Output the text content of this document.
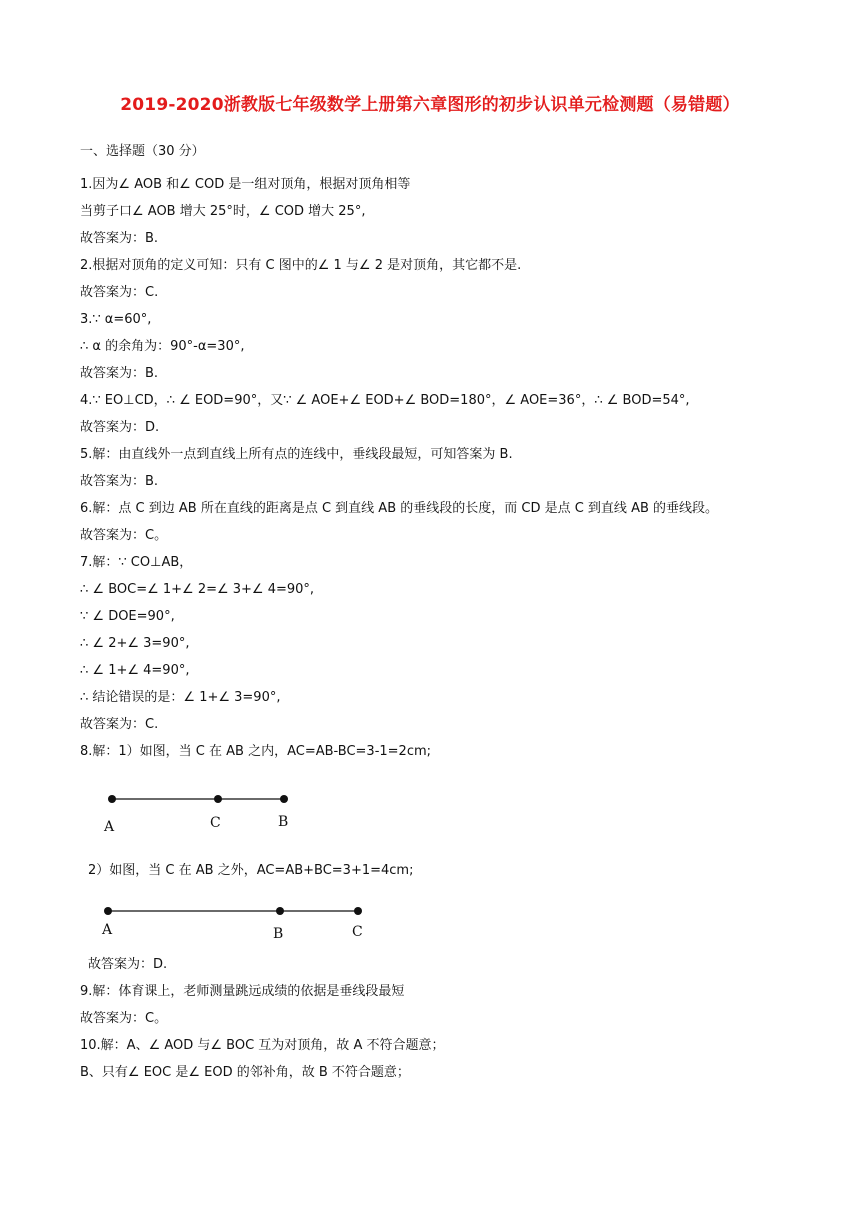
2019-2020浙教版七年级数学上册第六章图形的初步认识单元检测题（易错题）
一、选择题（30 分）
1.因为∠ AOB 和∠ COD 是一组对顶角，根据对顶角相等
当剪子口∠ AOB 增大 25°时，∠ COD 增大 25°,
故答案为：B.
2.根据对顶角的定义可知：只有 C 图中的∠ 1 与∠ 2 是对顶角，其它都不是.
故答案为：C.
3.∵ α=60°,
∴ α 的余角为：90°-α=30°,
故答案为：B.
4.∵ EO⊥CD，∴ ∠ EOD=90°，又∵ ∠ AOE+∠ EOD+∠ BOD=180°，∠ AOE=36°，∴ ∠ BOD=54°,
故答案为：D.
5.解：由直线外一点到直线上所有点的连线中，垂线段最短，可知答案为 B.
故答案为：B.
6.解：点 C 到边 AB 所在直线的距离是点 C 到直线 AB 的垂线段的长度，而 CD 是点 C 到直线 AB 的垂线段。
故答案为：C。
7.解：∵ CO⊥AB，
∴ ∠ BOC=∠ 1+∠ 2=∠ 3+∠ 4=90°,
∵ ∠ DOE=90°,
∴ ∠ 2+∠ 3=90°,
∴ ∠ 1+∠ 4=90°,
∴ 结论错误的是：∠ 1+∠ 3=90°,
故答案为：C.
8.解：1）如图，当 C 在 AB 之内，AC=AB-BC=3-1=2cm;
A	C	B
2）如图，当 C 在 AB 之外，AC=AB+BC=3+1=4cm;
A	B	C
故答案为：D.
9.解：体育课上，老师测量跳远成绩的依据是垂线段最短
故答案为：C。
10.解：A、∠ AOD 与∠ BOC 互为对顶角，故 A 不符合题意；
B、只有∠ EOC 是∠ EOD 的邻补角，故 B 不符合题意；
